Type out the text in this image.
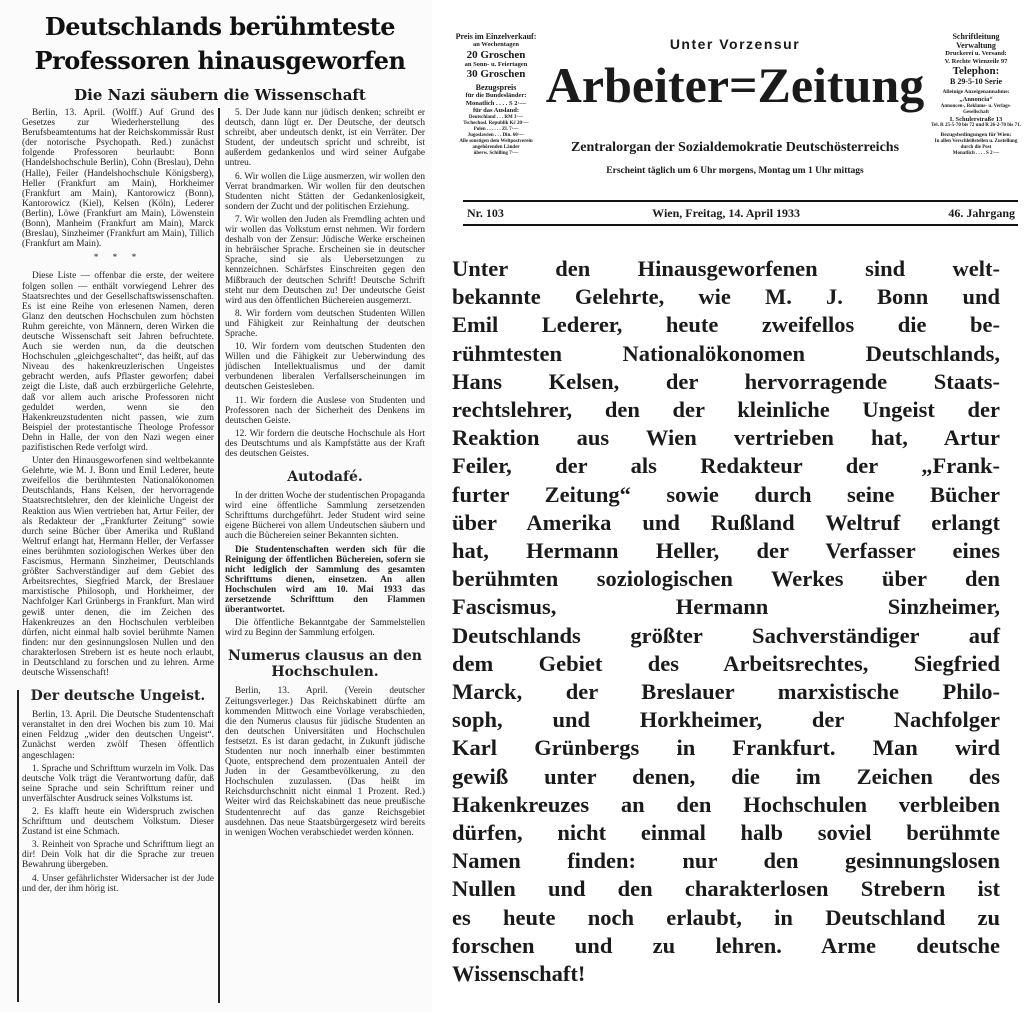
Deutschlands berühmteste
Professoren hinausgeworfen
Die Nazi säubern die Wissenschaft

Berlin, 13. April. (Wolff.) Auf Grund des Gesetzes zur Wiederherstellung des Berufsbeamtentums hat der Reichskommissär Rust (der notorische Psychopath. Red.) zunächst folgende Professoren beurlaubt: Bonn (Handelshochschule Berlin), Cohn (Breslau), Dehn (Halle), Feiler (Handelshochschule Königsberg), Heller (Frankfurt am Main), Horkheimer (Frankfurt am Main), Kantorowicz (Bonn), Kantorowicz (Kiel), Kelsen (Köln), Lederer (Berlin), Löwe (Frankfurt am Main), Löwenstein (Bonn), Manheim (Frankfurt am Main), Marck (Breslau), Sinzheimer (Frankfurt am Main), Tillich (Frankfurt am Main).

* * *

Diese Liste — offenbar die erste, der weitere folgen sollen — enthält vorwiegend Lehrer des Staatsrechtes und der Gesellschaftswissenschaften. Es ist eine Reihe von erlesenen Namen, deren Glanz den deutschen Hochschulen zum höchsten Ruhm gereichte, von Männern, deren Wirken die deutsche Wissenschaft seit Jahren befruchtete. Auch sie werden nun, da die deutschen Hochschulen „gleichgeschaltet“, das heißt, auf das Niveau des hakenkreuzlerischen Ungeistes gebracht werden, aufs Pflaster geworfen; dabei zeigt die Liste, daß auch erzbürgerliche Gelehrte, daß vor allem auch arische Professoren nicht geduldet werden, wenn sie den Hakenkreuzstudenten nicht passen, wie zum Beispiel der protestantische Theologe Professor Dehn in Halle, der von den Nazi wegen einer pazifistischen Rede verfolgt wird.

Unter den Hinausgeworfenen sind weltbekannte Gelehrte, wie M. J. Bonn und Emil Lederer, heute zweifellos die berühmtesten Nationalökonomen Deutschlands, Hans Kelsen, der hervorragende Staatsrechtslehrer, den der kleinliche Ungeist der Reaktion aus Wien vertrieben hat, Artur Feiler, der als Redakteur der „Frankfurter Zeitung“ sowie durch seine Bücher über Amerika und Rußland Weltruf erlangt hat, Hermann Heller, der Verfasser eines berühmten soziologischen Werkes über den Fascismus, Hermann Sinzheimer, Deutschlands größter Sachverständiger auf dem Gebiet des Arbeitsrechtes, Siegfried Marck, der Breslauer marxistische Philosoph, und Horkheimer, der Nachfolger Karl Grünbergs in Frankfurt. Man wird gewiß unter denen, die im Zeichen des Hakenkreuzes an den Hochschulen verbleiben dürfen, nicht einmal halb soviel berühmte Namen finden: nur den gesinnungslosen Nullen und den charakterlosen Strebern ist es heute noch erlaubt, in Deutschland zu forschen und zu lehren. Arme deutsche Wissenschaft!

Der deutsche Ungeist.

Berlin, 13. April. Die Deutsche Studentenschaft veranstaltet in den drei Wochen bis zum 10. Mai einen Feldzug „wider den deutschen Ungeist“. Zunächst werden zwölf Thesen öffentlich angeschlagen:

1. Sprache und Schrifttum wurzeln im Volk. Das deutsche Volk trägt die Verantwortung dafür, daß seine Sprache und sein Schrifttum reiner und unverfälschter Ausdruck seines Volkstums ist.

2. Es klafft heute ein Widerspruch zwischen Schrifttum und deutschem Volkstum. Dieser Zustand ist eine Schmach.

3. Reinheit von Sprache und Schrifttum liegt an dir! Dein Volk hat dir die Sprache zur treuen Bewahrung übergeben.

4. Unser gefährlichster Widersacher ist der Jude und der, der ihm hörig ist.

5. Der Jude kann nur jüdisch denken; schreibt er deutsch, dann lügt er. Der Deutsche, der deutsch schreibt, aber undeutsch denkt, ist ein Verräter. Der Student, der undeutsch spricht und schreibt, ist außerdem gedankenlos und wird seiner Aufgabe untreu.

6. Wir wollen die Lüge ausmerzen, wir wollen den Verrat brandmarken. Wir wollen für den deutschen Studenten nicht Stätten der Gedankenlosigkeit, sondern der Zucht und der politischen Erziehung.

7. Wir wollen den Juden als Fremdling achten und wir wollen das Volkstum ernst nehmen. Wir fordern deshalb von der Zensur: Jüdische Werke erscheinen in hebräischer Sprache. Erscheinen sie in deutscher Sprache, sind sie als Uebersetzungen zu kennzeichnen. Schärfstes Einschreiten gegen den Mißbrauch der deutschen Schrift! Deutsche Schrift steht nur dem Deutschen zu! Der undeutsche Geist wird aus den öffentlichen Büchereien ausgemerzt.

8. Wir fordern vom deutschen Studenten Willen und Fähigkeit zur Reinhaltung der deutschen Sprache.

10. Wir fordern vom deutschen Studenten den Willen und die Fähigkeit zur Ueberwindung des jüdischen Intellektualismus und der damit verbundenen liberalen Verfallserscheinungen im deutschen Geistesleben.

11. Wir fordern die Auslese von Studenten und Professoren nach der Sicherheit des Denkens im deutschen Geiste.

12. Wir fordern die deutsche Hochschule als Hort des Deutschtums und als Kampfstätte aus der Kraft des deutschen Geistes.

Autodafé.

In der dritten Woche der studentischen Propaganda wird eine öffentliche Sammlung zersetzenden Schrifttums durchgeführt. Jeder Student wird seine eigene Bücherei von allem Undeutschen säubern und auch die Büchereien seiner Bekannten sichten.

Die Studentenschaften werden sich für die Reinigung der öffentlichen Büchereien, sofern sie nicht lediglich der Sammlung des gesamten Schrifttums dienen, einsetzen. An allen Hochschulen wird am 10. Mai 1933 das zersetzende Schrifttum den Flammen überantwortet.

Die öffentliche Bekanntgabe der Sammelstellen wird zu Beginn der Sammlung erfolgen.

Numerus clausus an den Hochschulen.

Berlin, 13. April. (Verein deutscher Zeitungsverleger.) Das Reichskabinett dürfte am kommenden Mittwoch eine Vorlage verabschieden, die den Numerus clausus für jüdische Studenten an den deutschen Universitäten und Hochschulen festsetzt. Es ist daran gedacht, in Zukunft jüdische Studenten nur noch innerhalb einer bestimmten Quote, entsprechend dem prozentualen Anteil der Juden in der Gesamtbevölkerung, zu den Hochschulen zuzulassen. (Das heißt im Reichsdurchschnitt nicht einmal 1 Prozent. Red.) Weiter wird das Reichskabinett das neue preußische Studentenrecht auf das ganze Reichsgebiet ausdehnen. Das neue Staatsbürgergesetz wird bereits in wenigen Wochen verabschiedet werden können.

Preis im Einzelverkauf:
an Wochentagen
20 Groschen
an Sonn- u. Feiertagen
30 Groschen
Bezugspreis
für die Bundesländer:
Monatlich . . . . S 2·—
für das Ausland:
Deutschland . . . RM 3·—
Tschechosl. Republik Kč 20·—
Polen . . . . . . Zl. 7·—
Jugoslawien . . . Din. 60·—
Alle sonstigen dem Weltpostverein angehörenden Länder
überw. Schilling 7·—
Unter Vorzensur
Arbeiter=Zeitung
Zentralorgan der Sozialdemokratie Deutschösterreichs
Erscheint täglich um 6 Uhr morgens, Montag um 1 Uhr mittags
Schriftleitung
Verwaltung
Druckerei u. Versand:
V. Rechte Wienzeile 97
Telephon:
B 29-5-10 Serie
Alleinige Anzeigenannahme:
„Annoncia“
Annoncen-, Reklame- u. Verlags-Gesellschaft
I. Schulerstraße 13
Tel. R 25-5-70 bis 72 und R 26-2-70 bis 71.
Bezugsbedingungen für Wien:
In allen Verschleißstellen u. Zustellung durch die Post
Monatlich . . . . S 2·—
Nr. 103	Wien, Freitag, 14. April 1933	46. Jahrgang
Unter den Hinausgeworfenen sind welt-
bekannte Gelehrte, wie M. J. Bonn und
Emil Lederer, heute zweifellos die be-
rühmtesten Nationalökonomen Deutschlands,
Hans Kelsen, der hervorragende Staats-
rechtslehrer, den der kleinliche Ungeist der
Reaktion aus Wien vertrieben hat, Artur
Feiler, der als Redakteur der „Frank-
furter Zeitung“ sowie durch seine Bücher
über Amerika und Rußland Weltruf erlangt
hat, Hermann Heller, der Verfasser eines
berühmten soziologischen Werkes über den
Fascismus, Hermann Sinzheimer,
Deutschlands größter Sachverständiger auf
dem Gebiet des Arbeitsrechtes, Siegfried
Marck, der Breslauer marxistische Philo-
soph, und Horkheimer, der Nachfolger
Karl Grünbergs in Frankfurt. Man wird
gewiß unter denen, die im Zeichen des
Hakenkreuzes an den Hochschulen verbleiben
dürfen, nicht einmal halb soviel berühmte
Namen finden: nur den gesinnungslosen
Nullen und den charakterlosen Strebern ist
es heute noch erlaubt, in Deutschland zu
forschen und zu lehren. Arme deutsche
Wissenschaft!
